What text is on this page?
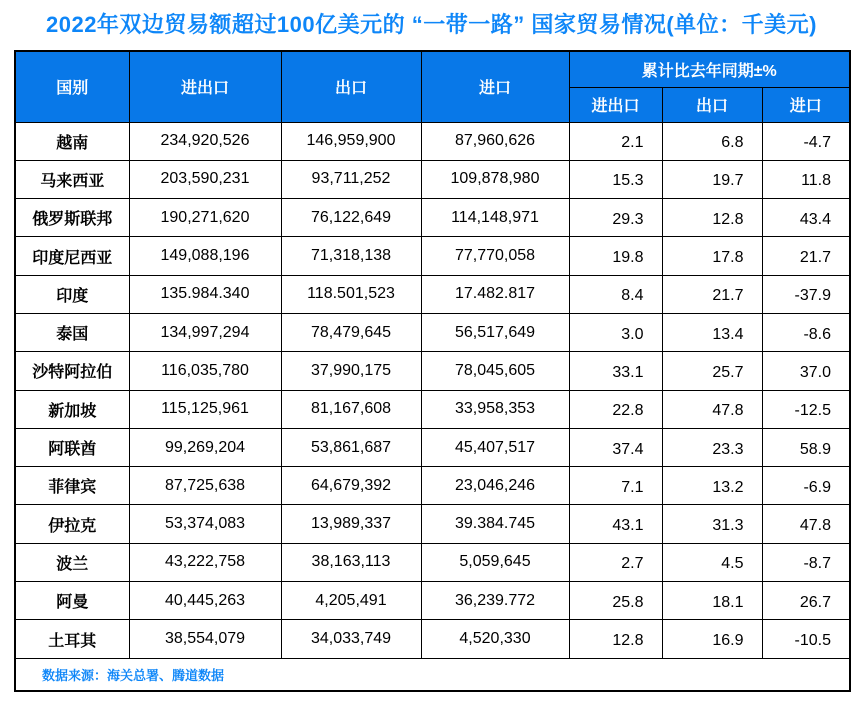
2022年双边贸易额超过100亿美元的 “一带一路” 国家贸易情况(单位：千美元)
国别	进出口	出口	进口	累计比去年同期±%		
				进出口	出口	进口
越南	234,920,526	146,959,900	87,960,626	2.1	6.8	-4.7
马来西亚	203,590,231	93,711,252	109,878,980	15.3	19.7	11.8
俄罗斯联邦	190,271,620	76,122,649	114,148,971	29.3	12.8	43.4
印度尼西亚	149,088,196	71,318,138	77,770,058	19.8	17.8	21.7
印度	135.984.340	118.501,523	17.482.817	8.4	21.7	-37.9
泰国	134,997,294	78,479,645	56,517,649	3.0	13.4	-8.6
沙特阿拉伯	116,035,780	37,990,175	78,045,605	33.1	25.7	37.0
新加坡	115,125,961	81,167,608	33,958,353	22.8	47.8	-12.5
阿联酋	99,269,204	53,861,687	45,407,517	37.4	23.3	58.9
菲律宾	87,725,638	64,679,392	23,046,246	7.1	13.2	-6.9
伊拉克	53,374,083	13,989,337	39.384.745	43.1	31.3	47.8
波兰	43,222,758	38,163,113	5,059,645	2.7	4.5	-8.7
阿曼	40,445,263	4,205,491	36,239.772	25.8	18.1	26.7
土耳其	38,554,079	34,033,749	4,520,330	12.8	16.9	-10.5
数据来源：海关总署、腾道数据						
